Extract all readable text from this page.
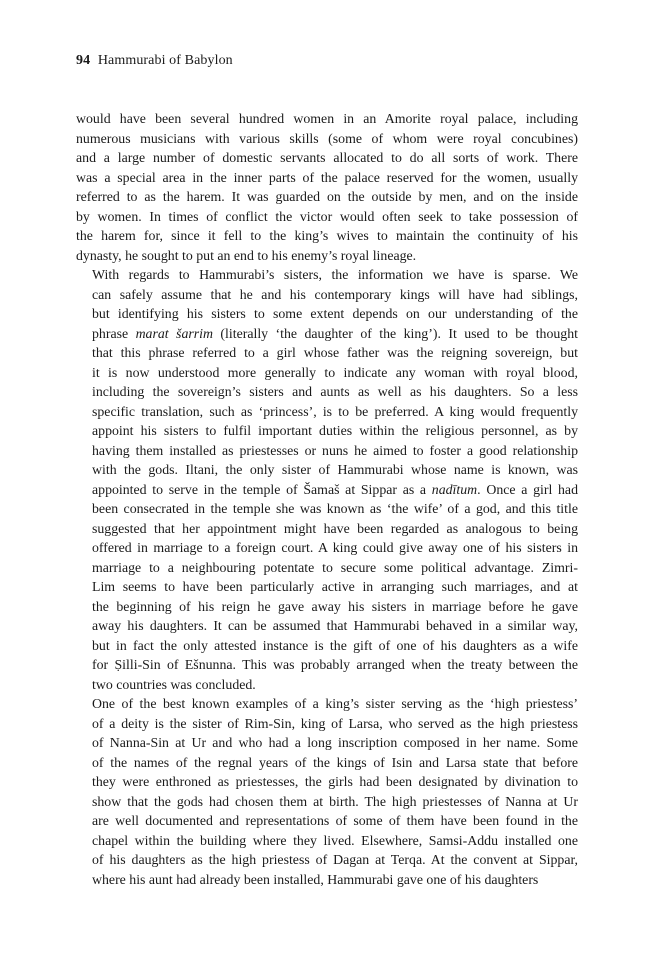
94 Hammurabi of Babylon

would have been several hundred women in an Amorite royal palace, including
numerous musicians with various skills (some of whom were royal concubines)
and a large number of domestic servants allocated to do all sorts of work. There
was a special area in the inner parts of the palace reserved for the women, usually
referred to as the harem. It was guarded on the outside by men, and on the inside
by women. In times of conflict the victor would often seek to take possession of
the harem for, since it fell to the king’s wives to maintain the continuity of his
dynasty, he sought to put an end to his enemy’s royal lineage.

With regards to Hammurabi’s sisters, the information we have is sparse. We
can safely assume that he and his contemporary kings will have had siblings,
but identifying his sisters to some extent depends on our understanding of the
phrase marat šarrim (literally ‘the daughter of the king’). It used to be thought
that this phrase referred to a girl whose father was the reigning sovereign, but
it is now understood more generally to indicate any woman with royal blood,
including the sovereign’s sisters and aunts as well as his daughters. So a less
specific translation, such as ‘princess’, is to be preferred. A king would frequently
appoint his sisters to fulfil important duties within the religious personnel, as by
having them installed as priestesses or nuns he aimed to foster a good relationship
with the gods. Iltani, the only sister of Hammurabi whose name is known, was
appointed to serve in the temple of Šamaš at Sippar as a nadītum. Once a girl had
been consecrated in the temple she was known as ‘the wife’ of a god, and this title
suggested that her appointment might have been regarded as analogous to being
offered in marriage to a foreign court. A king could give away one of his sisters in
marriage to a neighbouring potentate to secure some political advantage. Zimri-
Lim seems to have been particularly active in arranging such marriages, and at
the beginning of his reign he gave away his sisters in marriage before he gave
away his daughters. It can be assumed that Hammurabi behaved in a similar way,
but in fact the only attested instance is the gift of one of his daughters as a wife
for Ṣilli-Sin of Ešnunna. This was probably arranged when the treaty between the
two countries was concluded.

One of the best known examples of a king’s sister serving as the ‘high priestess’
of a deity is the sister of Rim-Sin, king of Larsa, who served as the high priestess
of Nanna-Sin at Ur and who had a long inscription composed in her name. Some
of the names of the regnal years of the kings of Isin and Larsa state that before
they were enthroned as priestesses, the girls had been designated by divination to
show that the gods had chosen them at birth. The high priestesses of Nanna at Ur
are well documented and representations of some of them have been found in the
chapel within the building where they lived. Elsewhere, Samsi-Addu installed one
of his daughters as the high priestess of Dagan at Terqa. At the convent at Sippar,
where his aunt had already been installed, Hammurabi gave one of his daughters
